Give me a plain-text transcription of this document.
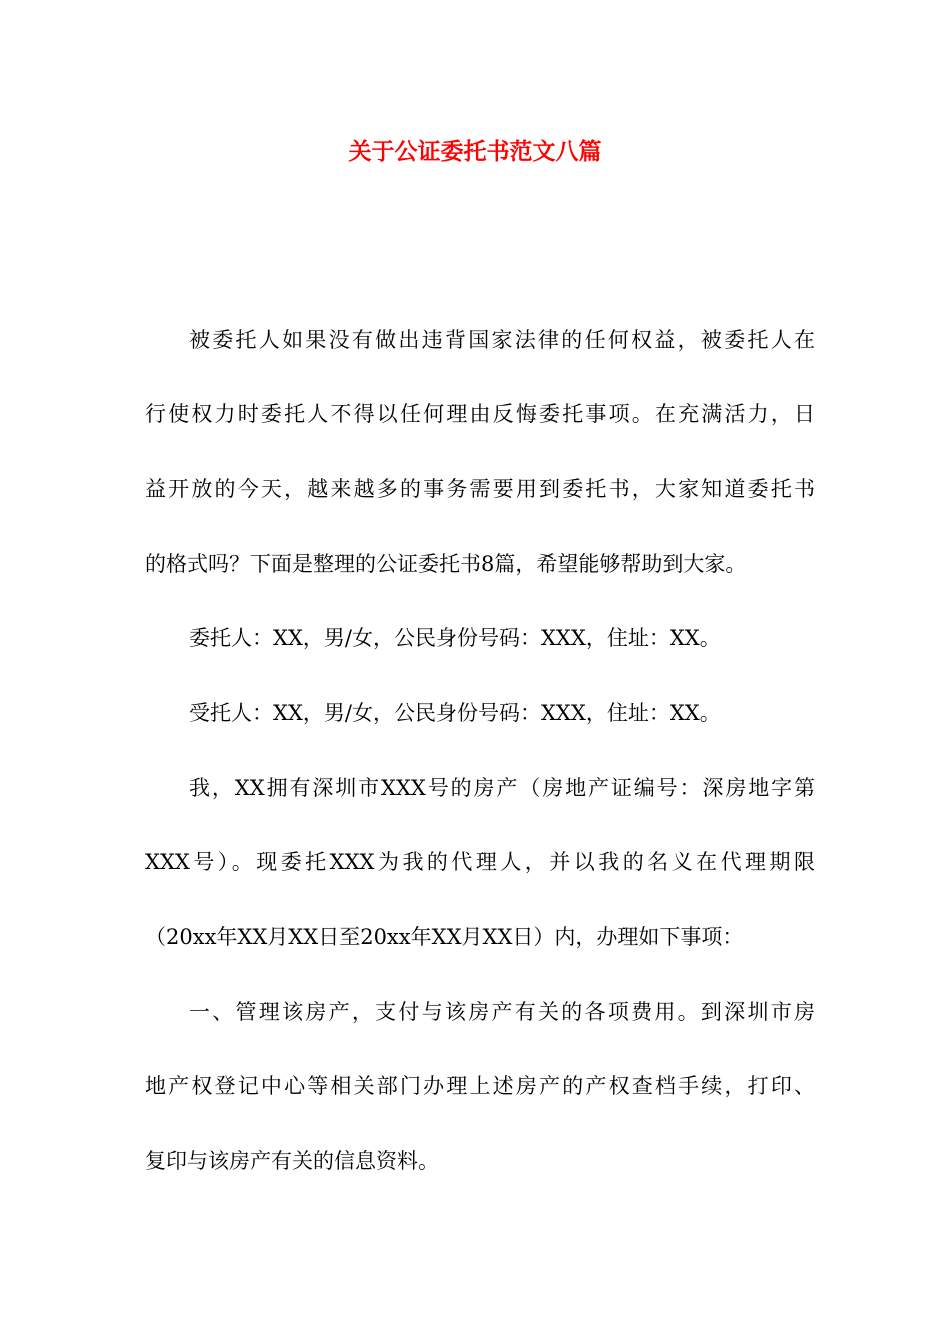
关于公证委托书范文八篇

被委托人如果没有做出违背国家法律的任何权益，被委托人在

行使权力时委托人不得以任何理由反悔委托事项。在充满活力，日

益开放的今天，越来越多的事务需要用到委托书，大家知道委托书

的格式吗？下面是整理的公证委托书8篇，希望能够帮助到大家。

委托人：XX，男/女，公民身份号码：XXX，住址：XX。

受托人：XX，男/女，公民身份号码：XXX，住址：XX。

我，XX拥有深圳市XXX号的房产（房地产证编号：深房地字第

XXX号）。现委托XXX为我的代理人，并以我的名义在代理期限

（20xx年XX月XX日至20xx年XX月XX日）内，办理如下事项：

一、管理该房产，支付与该房产有关的各项费用。到深圳市房

地产权登记中心等相关部门办理上述房产的产权查档手续，打印、

复印与该房产有关的信息资料。
